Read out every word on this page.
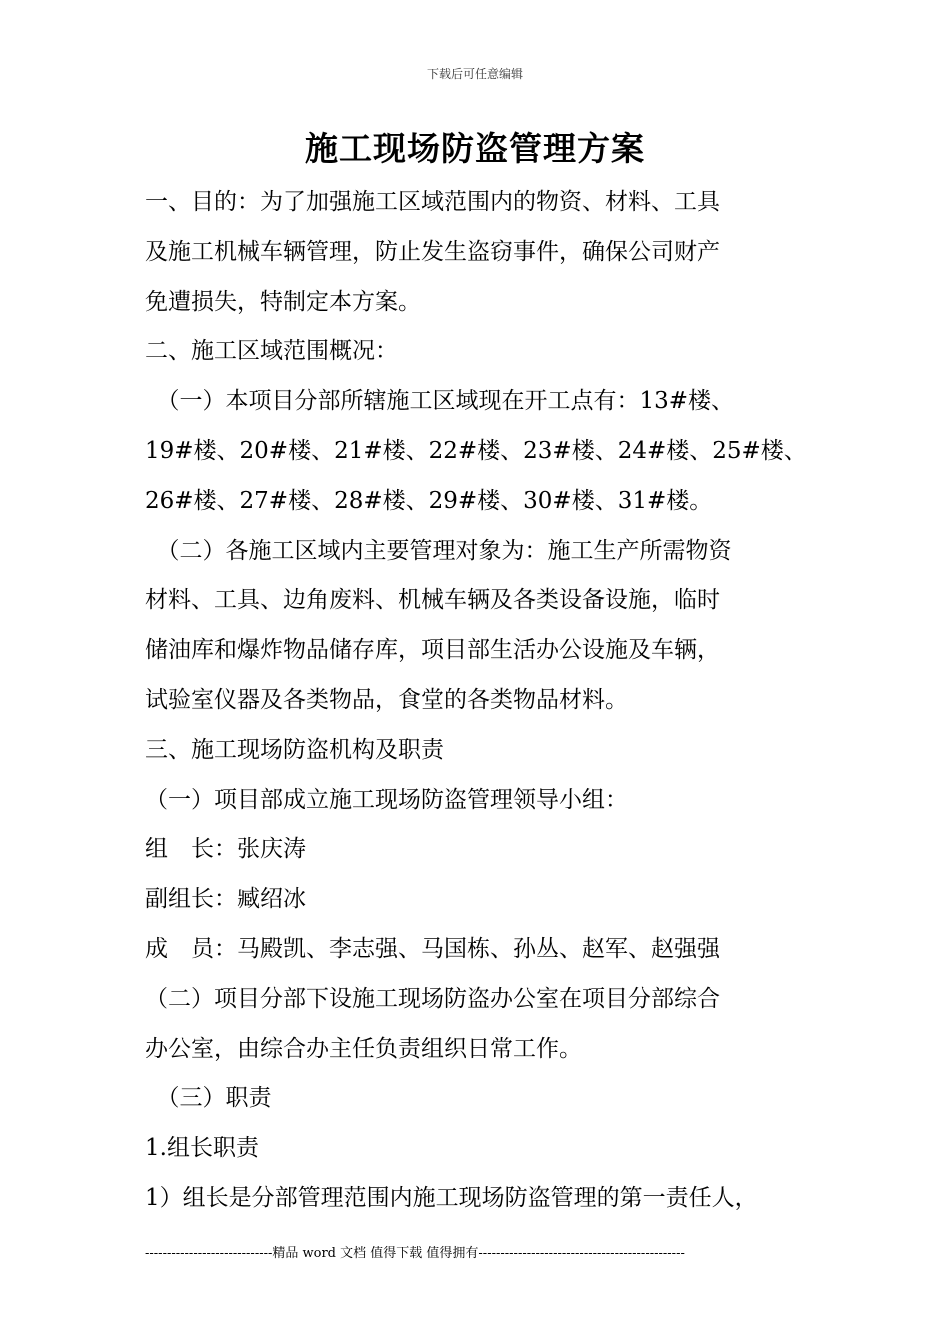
下载后可任意编辑
施工现场防盗管理方案
一、目的：为了加强施工区域范围内的物资、材料、工具
及施工机械车辆管理，防止发生盗窃事件，确保公司财产
免遭损失，特制定本方案。
二、施工区域范围概况：
　（一）本项目分部所辖施工区域现在开工点有：13#楼、
19#楼、20#楼、21#楼、22#楼、23#楼、24#楼、25#楼、
26#楼、27#楼、28#楼、29#楼、30#楼、31#楼。
　（二）各施工区域内主要管理对象为：施工生产所需物资
材料、工具、边角废料、机械车辆及各类设备设施，临时
储油库和爆炸物品储存库，项目部生活办公设施及车辆，
试验室仪器及各类物品，食堂的各类物品材料。
三、施工现场防盗机构及职责
（一）项目部成立施工现场防盗管理领导小组：
组　长：张庆涛
副组长：臧绍冰
成　员：马殿凯、李志强、马国栋、孙丛、赵军、赵强强
（二）项目分部下设施工现场防盗办公室在项目分部综合
办公室，由综合办主任负责组织日常工作。
　（三）职责
1.组长职责
1）组长是分部管理范围内施工现场防盗管理的第一责任人，
-----------------------------精品 word 文档 值得下载 值得拥有-----------------------------------------------
